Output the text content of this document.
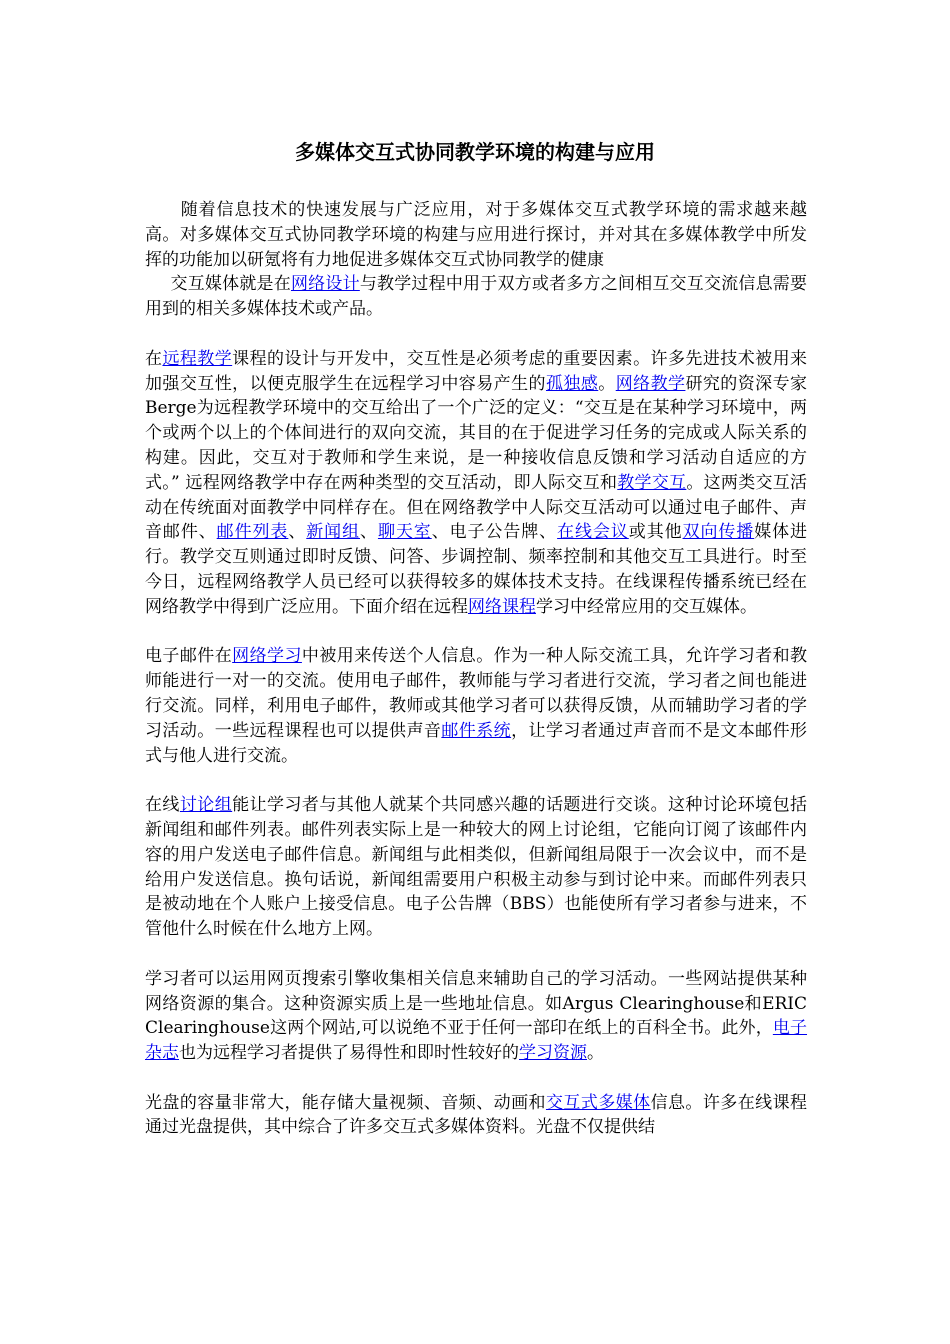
多媒体交互式协同教学环境的构建与应用

随着信息技术的快速发展与广泛应用，对于多媒体交互式教学环境的需求越来越高。对多媒体交互式协同教学环境的构建与应用进行探讨，并对其在多媒体教学中所发挥的功能加以研氪将有力地促进多媒体交互式协同教学的健康

交互媒体就是在网络设计与教学过程中用于双方或者多方之间相互交互交流信息需要用到的相关多媒体技术或产品。

在远程教学课程的设计与开发中，交互性是必须考虑的重要因素。许多先进技术被用来加强交互性，以便克服学生在远程学习中容易产生的孤独感。网络教学研究的资深专家Berge为远程教学环境中的交互给出了一个广泛的定义：“交互是在某种学习环境中，两个或两个以上的个体间进行的双向交流，其目的在于促进学习任务的完成或人际关系的构建。因此，交互对于教师和学生来说，是一种接收信息反馈和学习活动自适应的方式。” 远程网络教学中存在两种类型的交互活动，即人际交互和教学交互。这两类交互活动在传统面对面教学中同样存在。但在网络教学中人际交互活动可以通过电子邮件、声音邮件、邮件列表、新闻组、聊天室、电子公告牌、在线会议或其他双向传播媒体进行。教学交互则通过即时反馈、问答、步调控制、频率控制和其他交互工具进行。时至今日，远程网络教学人员已经可以获得较多的媒体技术支持。在线课程传播系统已经在网络教学中得到广泛应用。下面介绍在远程网络课程学习中经常应用的交互媒体。

电子邮件在网络学习中被用来传送个人信息。作为一种人际交流工具，允许学习者和教师能进行一对一的交流。使用电子邮件，教师能与学习者进行交流，学习者之间也能进行交流。同样，利用电子邮件，教师或其他学习者可以获得反馈，从而辅助学习者的学习活动。一些远程课程也可以提供声音邮件系统，让学习者通过声音而不是文本邮件形式与他人进行交流。

在线讨论组能让学习者与其他人就某个共同感兴趣的话题进行交谈。这种讨论环境包括新闻组和邮件列表。邮件列表实际上是一种较大的网上讨论组，它能向订阅了该邮件内容的用户发送电子邮件信息。新闻组与此相类似，但新闻组局限于一次会议中，而不是给用户发送信息。换句话说，新闻组需要用户积极主动参与到讨论中来。而邮件列表只是被动地在个人账户上接受信息。电子公告牌（BBS）也能使所有学习者参与进来，不管他什么时候在什么地方上网。

学习者可以运用网页搜索引擎收集相关信息来辅助自己的学习活动。一些网站提供某种网络资源的集合。这种资源实质上是一些地址信息。如Argus Clearinghouse和ERIC Clearinghouse这两个网站,可以说绝不亚于任何一部印在纸上的百科全书。此外，电子杂志也为远程学习者提供了易得性和即时性较好的学习资源。

光盘的容量非常大，能存储大量视频、音频、动画和交互式多媒体信息。许多在线课程通过光盘提供，其中综合了许多交互式多媒体资料。光盘不仅提供结
